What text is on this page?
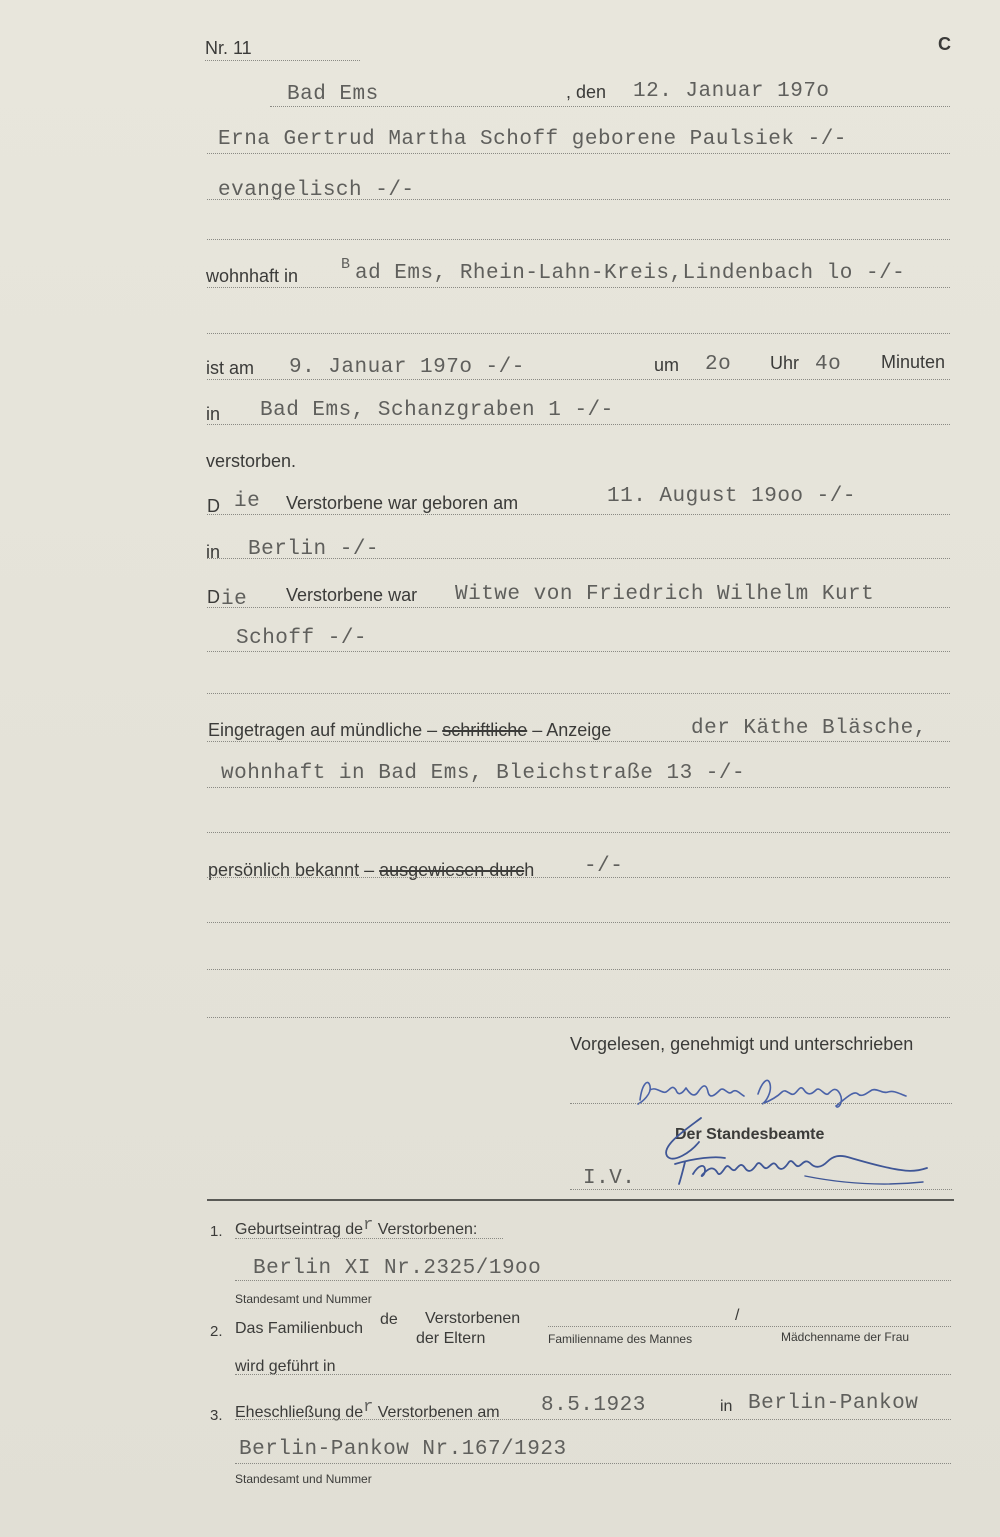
C
Nr. 11
Bad Ems	, den 12. Januar 197o
Erna Gertrud Martha Schoff geborene Paulsiek -/-
evangelisch -/-
wohnhaft in
B ad Ems, Rhein-Lahn-Kreis,Lindenbach lo -/-
ist am 9. Januar 197o -/-	um 2o Uhr 4o Minuten
in Bad Ems, Schanzgraben 1 -/-
verstorben.
D ie Verstorbene war geboren am	11. August 19oo -/-
in Berlin -/-
D ie Verstorbene war Witwe von Friedrich Wilhelm Kurt
Schoff -/-
Eingetragen auf mündliche – schriftliche – Anzeige	der Käthe Bläsche,
wohnhaft in Bad Ems, Bleichstraße 13 -/-
persönlich bekannt – ausgewiesen durch -/-
Vorgelesen, genehmigt und unterschrieben
Der Standesbeamte
I.V.
1. Geburtseintrag der Verstorbenen:
Berlin XI Nr.2325/19oo
Standesamt und Nummer
2. Das Familienbuch
de Verstorbenen
der Eltern
/
Familienname des Mannes	Mädchenname der Frau
wird geführt in
3. Eheschließung der Verstorbenen am 8.5.1923	in Berlin-Pankow
Berlin-Pankow Nr.167/1923
Standesamt und Nummer
